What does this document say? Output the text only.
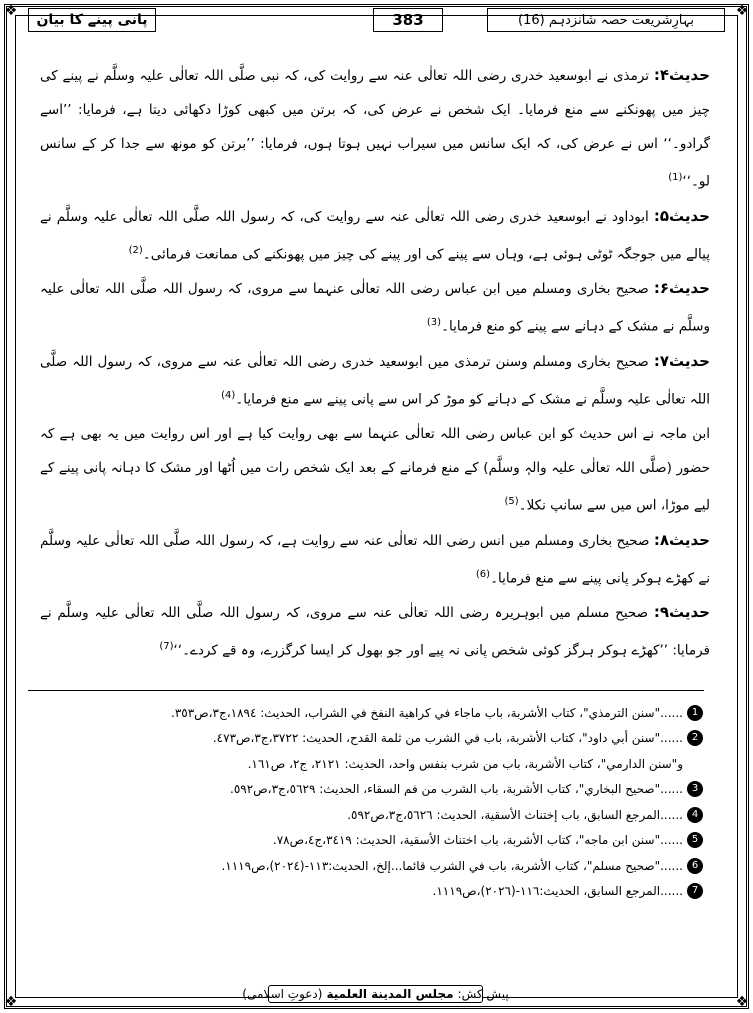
❖	❖
❖	❖
بہارِشریعت حصہ شانزدہم (16)
383
پانی پینے کا بیان

حدیث۴: ترمذی نے ابوسعید خدری رضی اللہ تعالٰی عنہ سے روایت کی، کہ نبی صلَّی اللہ تعالٰی علیہ وسلَّم نے پینے کی چیز میں پھونکنے سے منع فرمایا۔ ایک شخص نے عرض کی، کہ برتن میں کبھی کوڑا دکھائی دیتا ہے، فرمایا: ’’اسے گرادو۔‘‘ اس نے عرض کی، کہ ایک سانس میں سیراب نہیں ہوتا ہوں، فرمایا: ’’برتن کو مونھ سے جدا کر کے سانس لو۔‘‘$^{(1)}$

حدیث۵: ابوداود نے ابوسعید خدری رضی اللہ تعالٰی عنہ سے روایت کی، کہ رسول اللہ صلَّی اللہ تعالٰی علیہ وسلَّم نے پیالے میں جوجگہ ٹوٹی ہوئی ہے، وہاں سے پینے کی اور پینے کی چیز میں پھونکنے کی ممانعت فرمائی۔$^{(2)}$

حدیث۶: صحیح بخاری ومسلم میں ابن عباس رضی اللہ تعالٰی عنہما سے مروی، کہ رسول اللہ صلَّی اللہ تعالٰی علیہ وسلَّم نے مشک کے دہانے سے پینے کو منع فرمایا۔$^{(3)}$

حدیث۷: صحیح بخاری ومسلم وسنن ترمذی میں ابوسعید خدری رضی اللہ تعالٰی عنہ سے مروی، کہ رسول اللہ صلَّی اللہ تعالٰی علیہ وسلَّم نے مشک کے دہانے کو موڑ کر اس سے پانی پینے سے منع فرمایا۔$^{(4)}$

ابن ماجہ نے اس حدیث کو ابن عباس رضی اللہ تعالٰی عنہما سے بھی روایت کیا ہے اور اس روایت میں یہ بھی ہے کہ حضور (صلَّی اللہ تعالٰی علیہ والہٖ وسلَّم) کے منع فرمانے کے بعد ایک شخص رات میں اُٹھا اور مشک کا دہانہ پانی پینے کے لیے موڑا، اس میں سے سانپ نکلا۔$^{(5)}$

حدیث۸: صحیح بخاری ومسلم میں انس رضی اللہ تعالٰی عنہ سے روایت ہے، کہ رسول اللہ صلَّی اللہ تعالٰی علیہ وسلَّم نے کھڑے ہوکر پانی پینے سے منع فرمایا۔$^{(6)}$

حدیث۹: صحیح مسلم میں ابوہریرہ رضی اللہ تعالٰی عنہ سے مروی، کہ رسول اللہ صلَّی اللہ تعالٰی علیہ وسلَّم نے فرمایا: ’’کھڑے ہوکر ہرگز کوئی شخص پانی نہ پیے اور جو بھول کر ایسا کرگزرے، وہ قے کردے۔‘‘$^{(7)}$

1
......"سنن الترمذي"، كتاب الأشربة، باب ماجاء في كراهية النفخ في الشراب، الحديث: ١٨٩٤،ج٣،ص٣٥٣.
2
......"سنن أبي داود"، كتاب الأشربة، باب في الشرب من ثلمة القدح، الحديث: ٣٧٢٢،ج٣،ص٤٧٣.
و"سنن الدارمي"، كتاب الأشربة، باب من شرب بنفس واحد، الحديث: ٢١٢١، ج٢، ص١٦١.
3
......"صحيح البخاري"، كتاب الأشربة، باب الشرب من فم السقاء، الحديث: ٥٦٢٩،ج٣،ص٥٩٢.
4
......المرجع السابق، باب إختناث الأسقية، الحديث: ٥٦٢٦،ج٣،ص٥٩٢.
5
......"سنن ابن ماجه"، كتاب الأشربة، باب اختناث الأسقية، الحديث: ٣٤١٩،ج٤،ص٧٨.
6
......"صحيح مسلم"، كتاب الأشربة، باب في الشرب قائما...إلخ، الحديث:١١٣-(٢٠٢٤)،ص١١١٩.
7
......المرجع السابق، الحديث:١١٦-(٢٠٢٦)،ص١١١٩.
پیش کش:
مجلس المدینة العلمیة
(دعوتِ اسلامی)
